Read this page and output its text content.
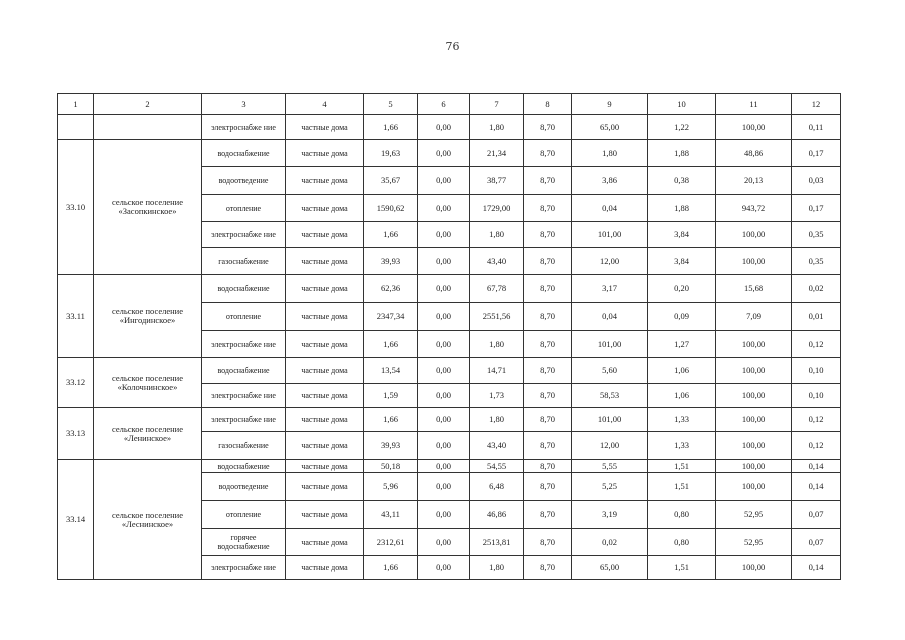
76
1	2	3	4	5	6	7	8	9	10	11	12
		электроснабже ние	частные дома	1,66	0,00	1,80	8,70	65,00	1,22	100,00	0,11
33.10	сельское поселение «Засопкинское»	водоснабжение	частные дома	19,63	0,00	21,34	8,70	1,80	1,88	48,86	0,17
		водоотведение	частные дома	35,67	0,00	38,77	8,70	3,86	0,38	20,13	0,03
		отопление	частные дома	1590,62	0,00	1729,00	8,70	0,04	1,88	943,72	0,17
		электроснабже ние	частные дома	1,66	0,00	1,80	8,70	101,00	3,84	100,00	0,35
		газоснабжение	частные дома	39,93	0,00	43,40	8,70	12,00	3,84	100,00	0,35
33.11	сельское поселение «Ингодинское»	водоснабжение	частные дома	62,36	0,00	67,78	8,70	3,17	0,20	15,68	0,02
		отопление	частные дома	2347,34	0,00	2551,56	8,70	0,04	0,09	7,09	0,01
		электроснабже ние	частные дома	1,66	0,00	1,80	8,70	101,00	1,27	100,00	0,12
33.12	сельское поселение «Колочнинское»	водоснабжение	частные дома	13,54	0,00	14,71	8,70	5,60	1,06	100,00	0,10
		электроснабже ние	частные дома	1,59	0,00	1,73	8,70	58,53	1,06	100,00	0,10
33.13	сельское поселение «Ленинское»	электроснабже ние	частные дома	1,66	0,00	1,80	8,70	101,00	1,33	100,00	0,12
		газоснабжение	частные дома	39,93	0,00	43,40	8,70	12,00	1,33	100,00	0,12
33.14	сельское поселение «Леснинское»	водоснабжение	частные дома	50,18	0,00	54,55	8,70	5,55	1,51	100,00	0,14
		водоотведение	частные дома	5,96	0,00	6,48	8,70	5,25	1,51	100,00	0,14
		отопление	частные дома	43,11	0,00	46,86	8,70	3,19	0,80	52,95	0,07
		горячее водоснабжение	частные дома	2312,61	0,00	2513,81	8,70	0,02	0,80	52,95	0,07
		электроснабже ние	частные дома	1,66	0,00	1,80	8,70	65,00	1,51	100,00	0,14
